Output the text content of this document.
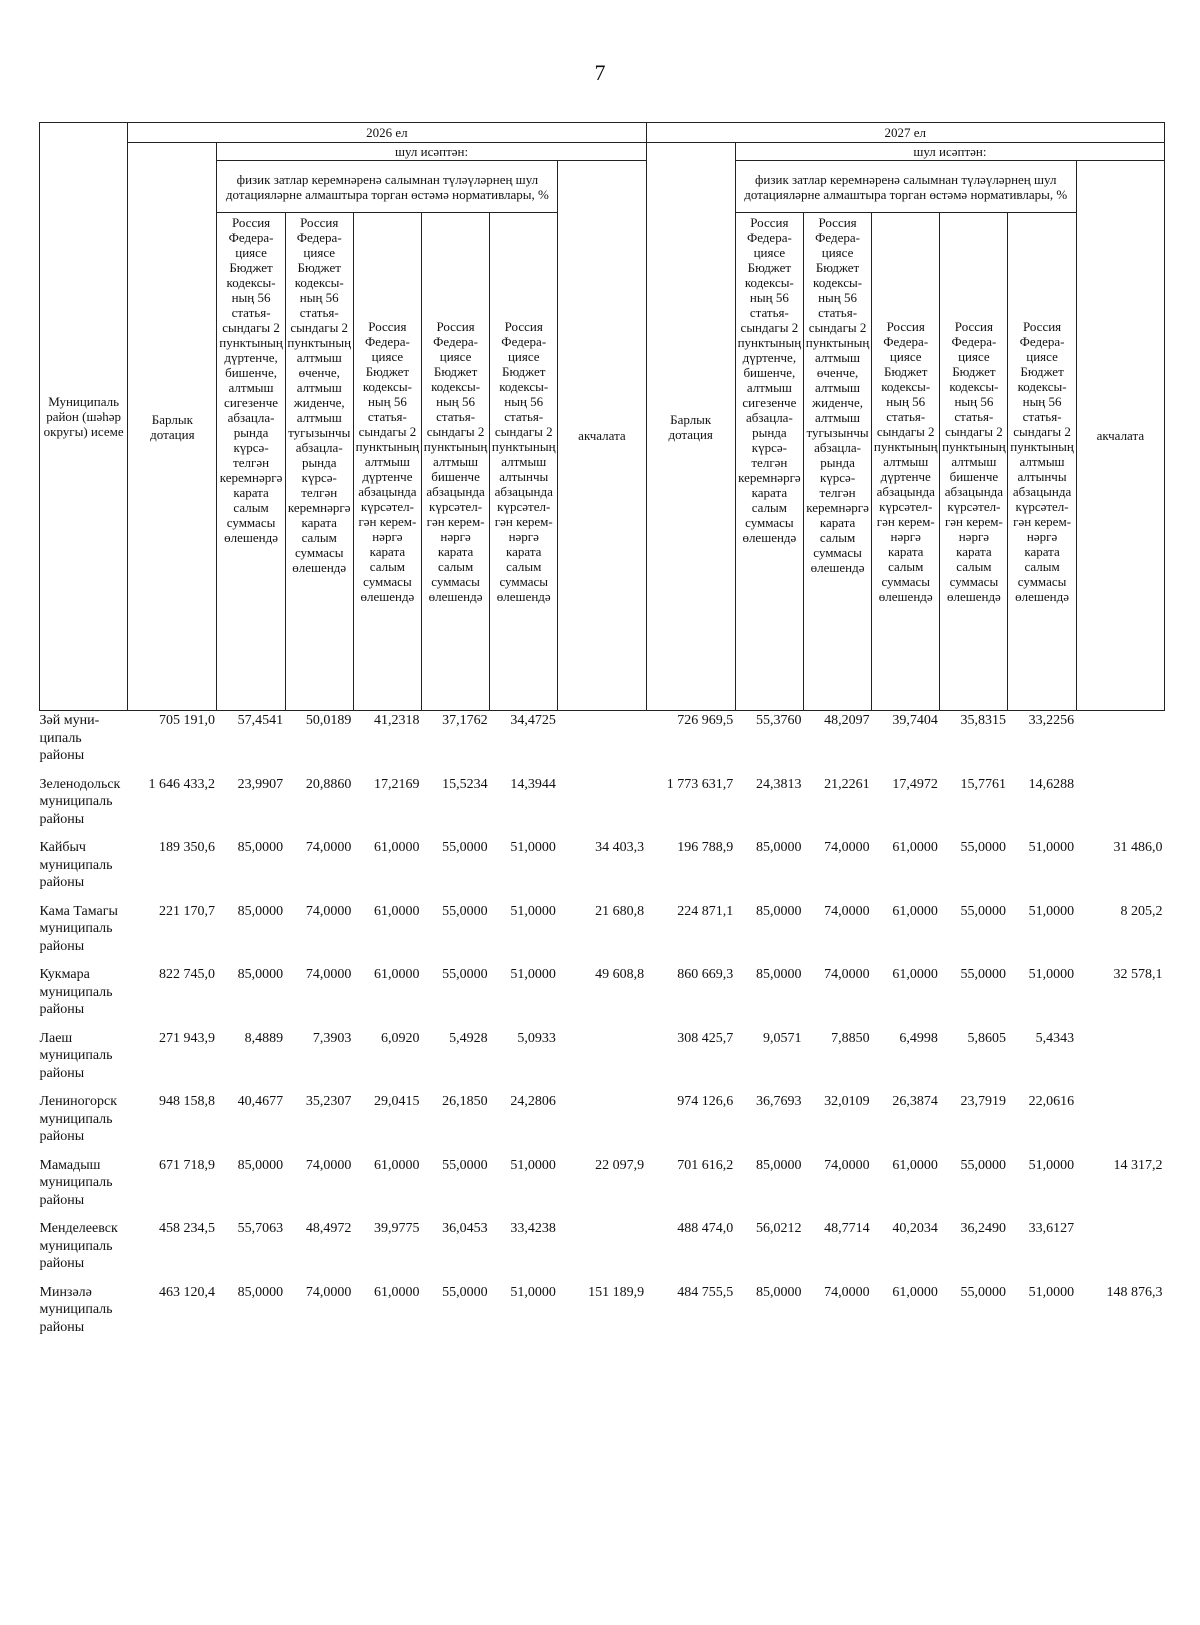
7
Муниципаль район (шәһәр округы) исеме	2026 ел							2027 ел						
	Барлык дотация	шул исәптән:						Барлык дотация	шул исәптән:					
		физик затлар керемнәренә салымнан түләүләрнең шул дотацияләрне алмаштыра торган өстәмә нормативлары, %					акчалата		физик затлар керемнәренә салымнан түләүләрнең шул дотацияләрне алмаштыра торган өстәмә нормативлары, %					акчалата
		Россия Федерациясе Бюджет кодексының 56 статьясындагы 2 пунктының дүртенче, бишенче, алтмыш сигезенче абзацларында күрсәтелгән керемнәргә карата салым суммасы өлешендә	Россия Федерациясе Бюджет кодексының 56 статьясындагы 2 пунктының алтмыш өченче, алтмыш жиденче, алтмыш тугызынчы абзацларында күрсәтелгән керемнәргә карата салым суммасы өлешендә	Россия Федерациясе Бюджет кодексының 56 статьясындагы 2 пунктының алтмыш дүртенче абзацында күрсәтелгән керемнәргә карата салым суммасы өлешендә	Россия Федерациясе Бюджет кодексының 56 статьясындагы 2 пунктының алтмыш бишенче абзацында күрсәтелгән керемнәргә карата салым суммасы өлешендә	Россия Федерациясе Бюджет кодексының 56 статьясындагы 2 пунктының алтмыш алтынчы абзацында күрсәтелгән керемнәргә карата салым суммасы өлешендә			Россия Федерациясе Бюджет кодексының 56 статьясындагы 2 пунктының дүртенче, бишенче, алтмыш сигезенче абзацларында күрсәтелгән керемнәргә карата салым суммасы өлешендә	Россия Федерациясе Бюджет кодексының 56 статьясындагы 2 пунктының алтмыш өченче, алтмыш жиденче, алтмыш тугызынчы абзацларында күрсәтелгән керемнәргә карата салым суммасы өлешендә	Россия Федерациясе Бюджет кодексының 56 статьясындагы 2 пунктының алтмыш дүртенче абзацында күрсәтелгән керемнәргә карата салым суммасы өлешендә	Россия Федерациясе Бюджет кодексының 56 статьясындагы 2 пунктының алтмыш бишенче абзацында күрсәтелгән керемнәргә карата салым суммасы өлешендә	Россия Федерациясе Бюджет кодексының 56 статьясындагы 2 пунктының алтмыш алтынчы абзацында күрсәтелгән керемнәргә карата салым суммасы өлешендә	
Зәй муниципаль районы	705 191,0	57,4541	50,0189	41,2318	37,1762	34,4725		726 969,5	55,3760	48,2097	39,7404	35,8315	33,2256	
Зеленодольск муниципаль районы	1 646 433,2	23,9907	20,8860	17,2169	15,5234	14,3944		1 773 631,7	24,3813	21,2261	17,4972	15,7761	14,6288	
Кайбыч муниципаль районы	189 350,6	85,0000	74,0000	61,0000	55,0000	51,0000	34 403,3	196 788,9	85,0000	74,0000	61,0000	55,0000	51,0000	31 486,0
Кама Тамагы муниципаль районы	221 170,7	85,0000	74,0000	61,0000	55,0000	51,0000	21 680,8	224 871,1	85,0000	74,0000	61,0000	55,0000	51,0000	8 205,2
Кукмара муниципаль районы	822 745,0	85,0000	74,0000	61,0000	55,0000	51,0000	49 608,8	860 669,3	85,0000	74,0000	61,0000	55,0000	51,0000	32 578,1
Лаеш муниципаль районы	271 943,9	8,4889	7,3903	6,0920	5,4928	5,0933		308 425,7	9,0571	7,8850	6,4998	5,8605	5,4343	
Лениногорск муниципаль районы	948 158,8	40,4677	35,2307	29,0415	26,1850	24,2806		974 126,6	36,7693	32,0109	26,3874	23,7919	22,0616	
Мамадыш муниципаль районы	671 718,9	85,0000	74,0000	61,0000	55,0000	51,0000	22 097,9	701 616,2	85,0000	74,0000	61,0000	55,0000	51,0000	14 317,2
Менделеевск муниципаль районы	458 234,5	55,7063	48,4972	39,9775	36,0453	33,4238		488 474,0	56,0212	48,7714	40,2034	36,2490	33,6127	
Минзәлә муниципаль районы	463 120,4	85,0000	74,0000	61,0000	55,0000	51,0000	151 189,9	484 755,5	85,0000	74,0000	61,0000	55,0000	51,0000	148 876,3
